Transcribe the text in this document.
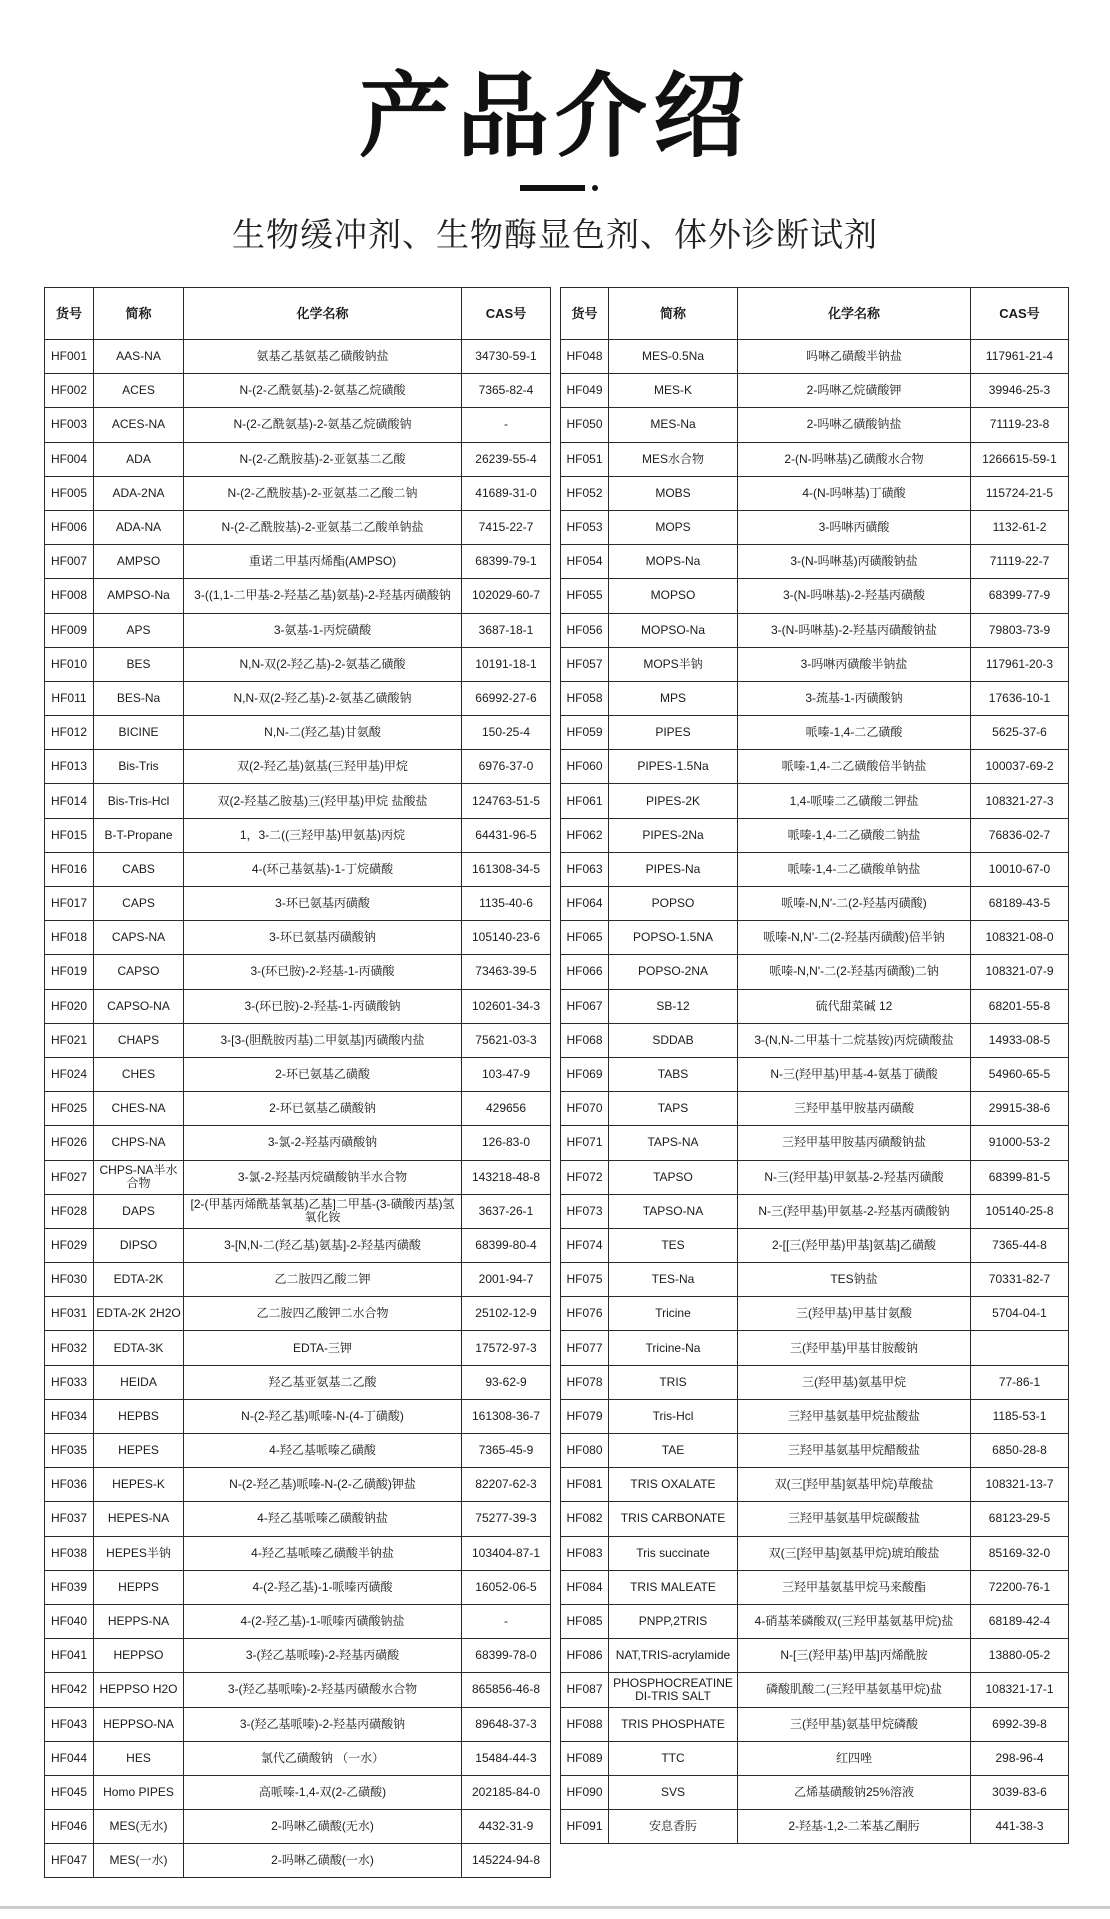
产品介绍
生物缓冲剂、生物酶显色剂、体外诊断试剂
货号	简称	化学名称	CAS号
HF001	AAS-NA	氨基乙基氨基乙磺酸钠盐	34730-59-1
HF002	ACES	N-(2-乙酰氨基)-2-氨基乙烷磺酸	7365-82-4
HF003	ACES-NA	N-(2-乙酰氨基)-2-氨基乙烷磺酸钠	-
HF004	ADA	N-(2-乙酰胺基)-2-亚氨基二乙酸	26239-55-4
HF005	ADA-2NA	N-(2-乙酰胺基)-2-亚氨基二乙酸二钠	41689-31-0
HF006	ADA-NA	N-(2-乙酰胺基)-2-亚氨基二乙酸单钠盐	7415-22-7
HF007	AMPSO	重诺二甲基丙烯酯(AMPSO)	68399-79-1
HF008	AMPSO-Na	3-((1,1-二甲基-2-羟基乙基)氨基)-2-羟基丙磺酸钠	102029-60-7
HF009	APS	3-氨基-1-丙烷磺酸	3687-18-1
HF010	BES	N,N-双(2-羟乙基)-2-氨基乙磺酸	10191-18-1
HF011	BES-Na	N,N-双(2-羟乙基)-2-氨基乙磺酸钠	66992-27-6
HF012	BICINE	N,N-二(羟乙基)甘氨酸	150-25-4
HF013	Bis-Tris	双(2-羟乙基)氨基(三羟甲基)甲烷	6976-37-0
HF014	Bis-Tris-Hcl	双(2-羟基乙胺基)三(羟甲基)甲烷 盐酸盐	124763-51-5
HF015	B-T-Propane	1，3-二((三羟甲基)甲氨基)丙烷	64431-96-5
HF016	CABS	4-(环己基氨基)-1-丁烷磺酸	161308-34-5
HF017	CAPS	3-环已氨基丙磺酸	1135-40-6
HF018	CAPS-NA	3-环已氨基丙磺酸钠	105140-23-6
HF019	CAPSO	3-(环已胺)-2-羟基-1-丙磺酸	73463-39-5
HF020	CAPSO-NA	3-(环已胺)-2-羟基-1-丙磺酸钠	102601-34-3
HF021	CHAPS	3-[3-(胆酰胺丙基)二甲氨基]丙磺酸内盐	75621-03-3
HF024	CHES	2-环已氨基乙磺酸	103-47-9
HF025	CHES-NA	2-环已氨基乙磺酸钠	429656
HF026	CHPS-NA	3-氯-2-羟基丙磺酸钠	126-83-0
HF027	CHPS-NA半水合物	3-氯-2-羟基丙烷磺酸钠半水合物	143218-48-8
HF028	DAPS	[2-(甲基丙烯酰基氧基)乙基]二甲基-(3-磺酸丙基)氢氧化铵	3637-26-1
HF029	DIPSO	3-[N,N-二(羟乙基)氨基]-2-羟基丙磺酸	68399-80-4
HF030	EDTA-2K	乙二胺四乙酸二钾	2001-94-7
HF031	EDTA-2K 2H2O	乙二胺四乙酸钾二水合物	25102-12-9
HF032	EDTA-3K	EDTA-三钾	17572-97-3
HF033	HEIDA	羟乙基亚氨基二乙酸	93-62-9
HF034	HEPBS	N-(2-羟乙基)哌嗪-N-(4-丁磺酸)	161308-36-7
HF035	HEPES	4-羟乙基哌嗪乙磺酸	7365-45-9
HF036	HEPES-K	N-(2-羟乙基)哌嗪-N-(2-乙磺酸)钾盐	82207-62-3
HF037	HEPES-NA	4-羟乙基哌嗪乙磺酸钠盐	75277-39-3
HF038	HEPES半钠	4-羟乙基哌嗪乙磺酸半钠盐	103404-87-1
HF039	HEPPS	4-(2-羟乙基)-1-哌嗪丙磺酸	16052-06-5
HF040	HEPPS-NA	4-(2-羟乙基)-1-哌嗪丙磺酸钠盐	-
HF041	HEPPSO	3-(羟乙基哌嗪)-2-羟基丙磺酸	68399-78-0
HF042	HEPPSO H2O	3-(羟乙基哌嗪)-2-羟基丙磺酸水合物	865856-46-8
HF043	HEPPSO-NA	3-(羟乙基哌嗪)-2-羟基丙磺酸钠	89648-37-3
HF044	HES	氯代乙磺酸钠 （一水）	15484-44-3
HF045	Homo PIPES	高哌嗪-1,4-双(2-乙磺酸)	202185-84-0
HF046	MES(无水)	2-吗啉乙磺酸(无水)	4432-31-9
HF047	MES(一水)	2-吗啉乙磺酸(一水)	145224-94-8
货号	简称	化学名称	CAS号
HF048	MES-0.5Na	吗啉乙磺酸半钠盐	117961-21-4
HF049	MES-K	2-吗啉乙烷磺酸钾	39946-25-3
HF050	MES-Na	2-吗啉乙磺酸钠盐	71119-23-8
HF051	MES水合物	2-(N-吗啉基)乙磺酸水合物	1266615-59-1
HF052	MOBS	4-(N-吗啉基)丁磺酸	115724-21-5
HF053	MOPS	3-吗啉丙磺酸	1132-61-2
HF054	MOPS-Na	3-(N-吗啉基)丙磺酸钠盐	71119-22-7
HF055	MOPSO	3-(N-吗啉基)-2-羟基丙磺酸	68399-77-9
HF056	MOPSO-Na	3-(N-吗啉基)-2-羟基丙磺酸钠盐	79803-73-9
HF057	MOPS半钠	3-吗啉丙磺酸半钠盐	117961-20-3
HF058	MPS	3-巯基-1-丙磺酸钠	17636-10-1
HF059	PIPES	哌嗪-1,4-二乙磺酸	5625-37-6
HF060	PIPES-1.5Na	哌嗪-1,4-二乙磺酸倍半钠盐	100037-69-2
HF061	PIPES-2K	1,4-哌嗪二乙磺酸二钾盐	108321-27-3
HF062	PIPES-2Na	哌嗪-1,4-二乙磺酸二钠盐	76836-02-7
HF063	PIPES-Na	哌嗪-1,4-二乙磺酸单钠盐	10010-67-0
HF064	POPSO	哌嗪-N,N'-二(2-羟基丙磺酸)	68189-43-5
HF065	POPSO-1.5NA	哌嗪-N,N'-二(2-羟基丙磺酸)倍半钠	108321-08-0
HF066	POPSO-2NA	哌嗪-N,N'-二(2-羟基丙磺酸)二钠	108321-07-9
HF067	SB-12	硫代甜菜碱 12	68201-55-8
HF068	SDDAB	3-(N,N-二甲基十二烷基铵)丙烷磺酸盐	14933-08-5
HF069	TABS	N-三(羟甲基)甲基-4-氨基丁磺酸	54960-65-5
HF070	TAPS	三羟甲基甲胺基丙磺酸	29915-38-6
HF071	TAPS-NA	三羟甲基甲胺基丙磺酸钠盐	91000-53-2
HF072	TAPSO	N-三(羟甲基)甲氨基-2-羟基丙磺酸	68399-81-5
HF073	TAPSO-NA	N-三(羟甲基)甲氨基-2-羟基丙磺酸钠	105140-25-8
HF074	TES	2-[[三(羟甲基)甲基]氨基]乙磺酸	7365-44-8
HF075	TES-Na	TES钠盐	70331-82-7
HF076	Tricine	三(羟甲基)甲基甘氨酸	5704-04-1
HF077	Tricine-Na	三(羟甲基)甲基甘胺酸钠	
HF078	TRIS	三(羟甲基)氨基甲烷	77-86-1
HF079	Tris-Hcl	三羟甲基氨基甲烷盐酸盐	1185-53-1
HF080	TAE	三羟甲基氨基甲烷醋酸盐	6850-28-8
HF081	TRIS OXALATE	双(三[羟甲基]氨基甲烷)草酸盐	108321-13-7
HF082	TRIS CARBONATE	三羟甲基氨基甲烷碳酸盐	68123-29-5
HF083	Tris succinate	双(三[羟甲基]氨基甲烷)琥珀酸盐	85169-32-0
HF084	TRIS MALEATE	三羟甲基氨基甲烷马来酸酯	72200-76-1
HF085	PNPP,2TRIS	4-硝基苯磷酸双(三羟甲基氨基甲烷)盐	68189-42-4
HF086	NAT,TRIS-acrylamide	N-[三(羟甲基)甲基]丙烯酰胺	13880-05-2
HF087	PHOSPHOCREATINE DI-TRIS SALT	磷酸肌酸二(三羟甲基氨基甲烷)盐	108321-17-1
HF088	TRIS PHOSPHATE	三(羟甲基)氨基甲烷磷酸	6992-39-8
HF089	TTC	红四唑	298-96-4
HF090	SVS	乙烯基磺酸钠25%溶液	3039-83-6
HF091	安息香肟	2-羟基-1,2-二苯基乙酮肟	441-38-3
